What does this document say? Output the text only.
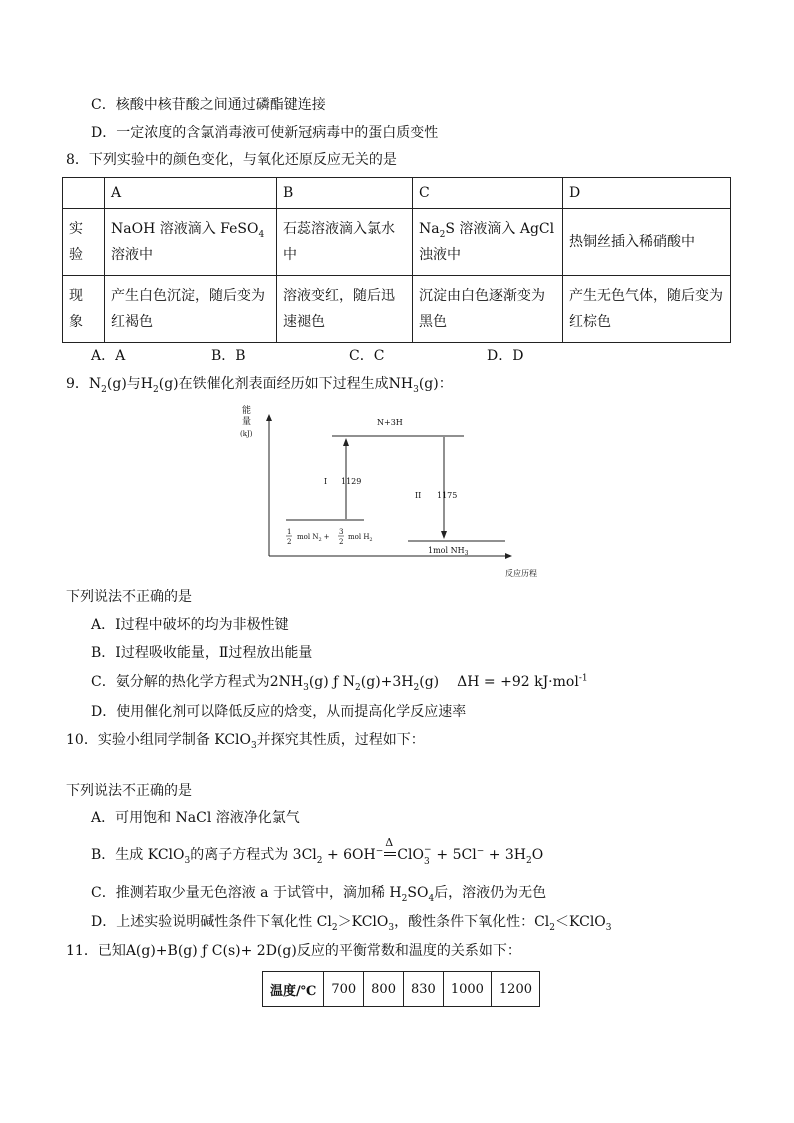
C．核酸中核苷酸之间通过磷酯键连接
D．一定浓度的含氯消毒液可使新冠病毒中的蛋白质变性
8．下列实验中的颜色变化，与氧化还原反应无关的是
	A	B	C	D
实
验	NaOH 溶液滴入 FeSO$_4$ 溶液中	石蕊溶液滴入氯水中	$Na_2S$ 溶液滴入 AgCl 浊液中	热铜丝插入稀硝酸中
现
象	产生白色沉淀，随后变为红褐色	溶液变红，随后迅速褪色	沉淀由白色逐渐变为黑色	产生无色气体，随后变为红棕色
A．A	B．B	C．C	D．D
9．$N_2(g)$与$H_2(g)$在铁催化剂表面经历如下过程生成$NH_3(g)$：
能
量
(kJ)
N+3H
I 1129
II 1175
1mol $NH_3$
1
2
mol $N_2$ +
3
2
mol $H_2$
反应历程
下列说法不正确的是
A．Ⅰ过程中破坏的均为非极性键
B．Ⅰ过程吸收能量，Ⅱ过程放出能量
C．氨分解的热化学方程式为$2NH_3(g)$ ƒ $N_2(g)+3H_2(g) \Delta H = +92$ kJ·mol$^{-1}$
D．使用催化剂可以降低反应的焓变，从而提高化学反应速率
10．实验小组同学制备 KClO$_3$并探究其性质，过程如下：
下列说法不正确的是
A．可用饱和 NaCl 溶液净化氯气
B．生成 KClO$_3$的离子方程式为 $3Cl_2 + 6OH^-$
Δ
ClO −
$3 + 5Cl^- + 3H_2O$
C．推测若取少量无色溶液 a 于试管中，滴加稀 $H_2SO_4$后，溶液仍为无色
D．上述实验说明碱性条件下氧化性 $Cl_2>KClO_3$，酸性条件下氧化性：$Cl_2<KClO_3$
11．已知A(g)+B(g) ƒ C(s)+ 2D(g)反应的平衡常数和温度的关系如下：
温度/℃	700	800	830	1000	1200
